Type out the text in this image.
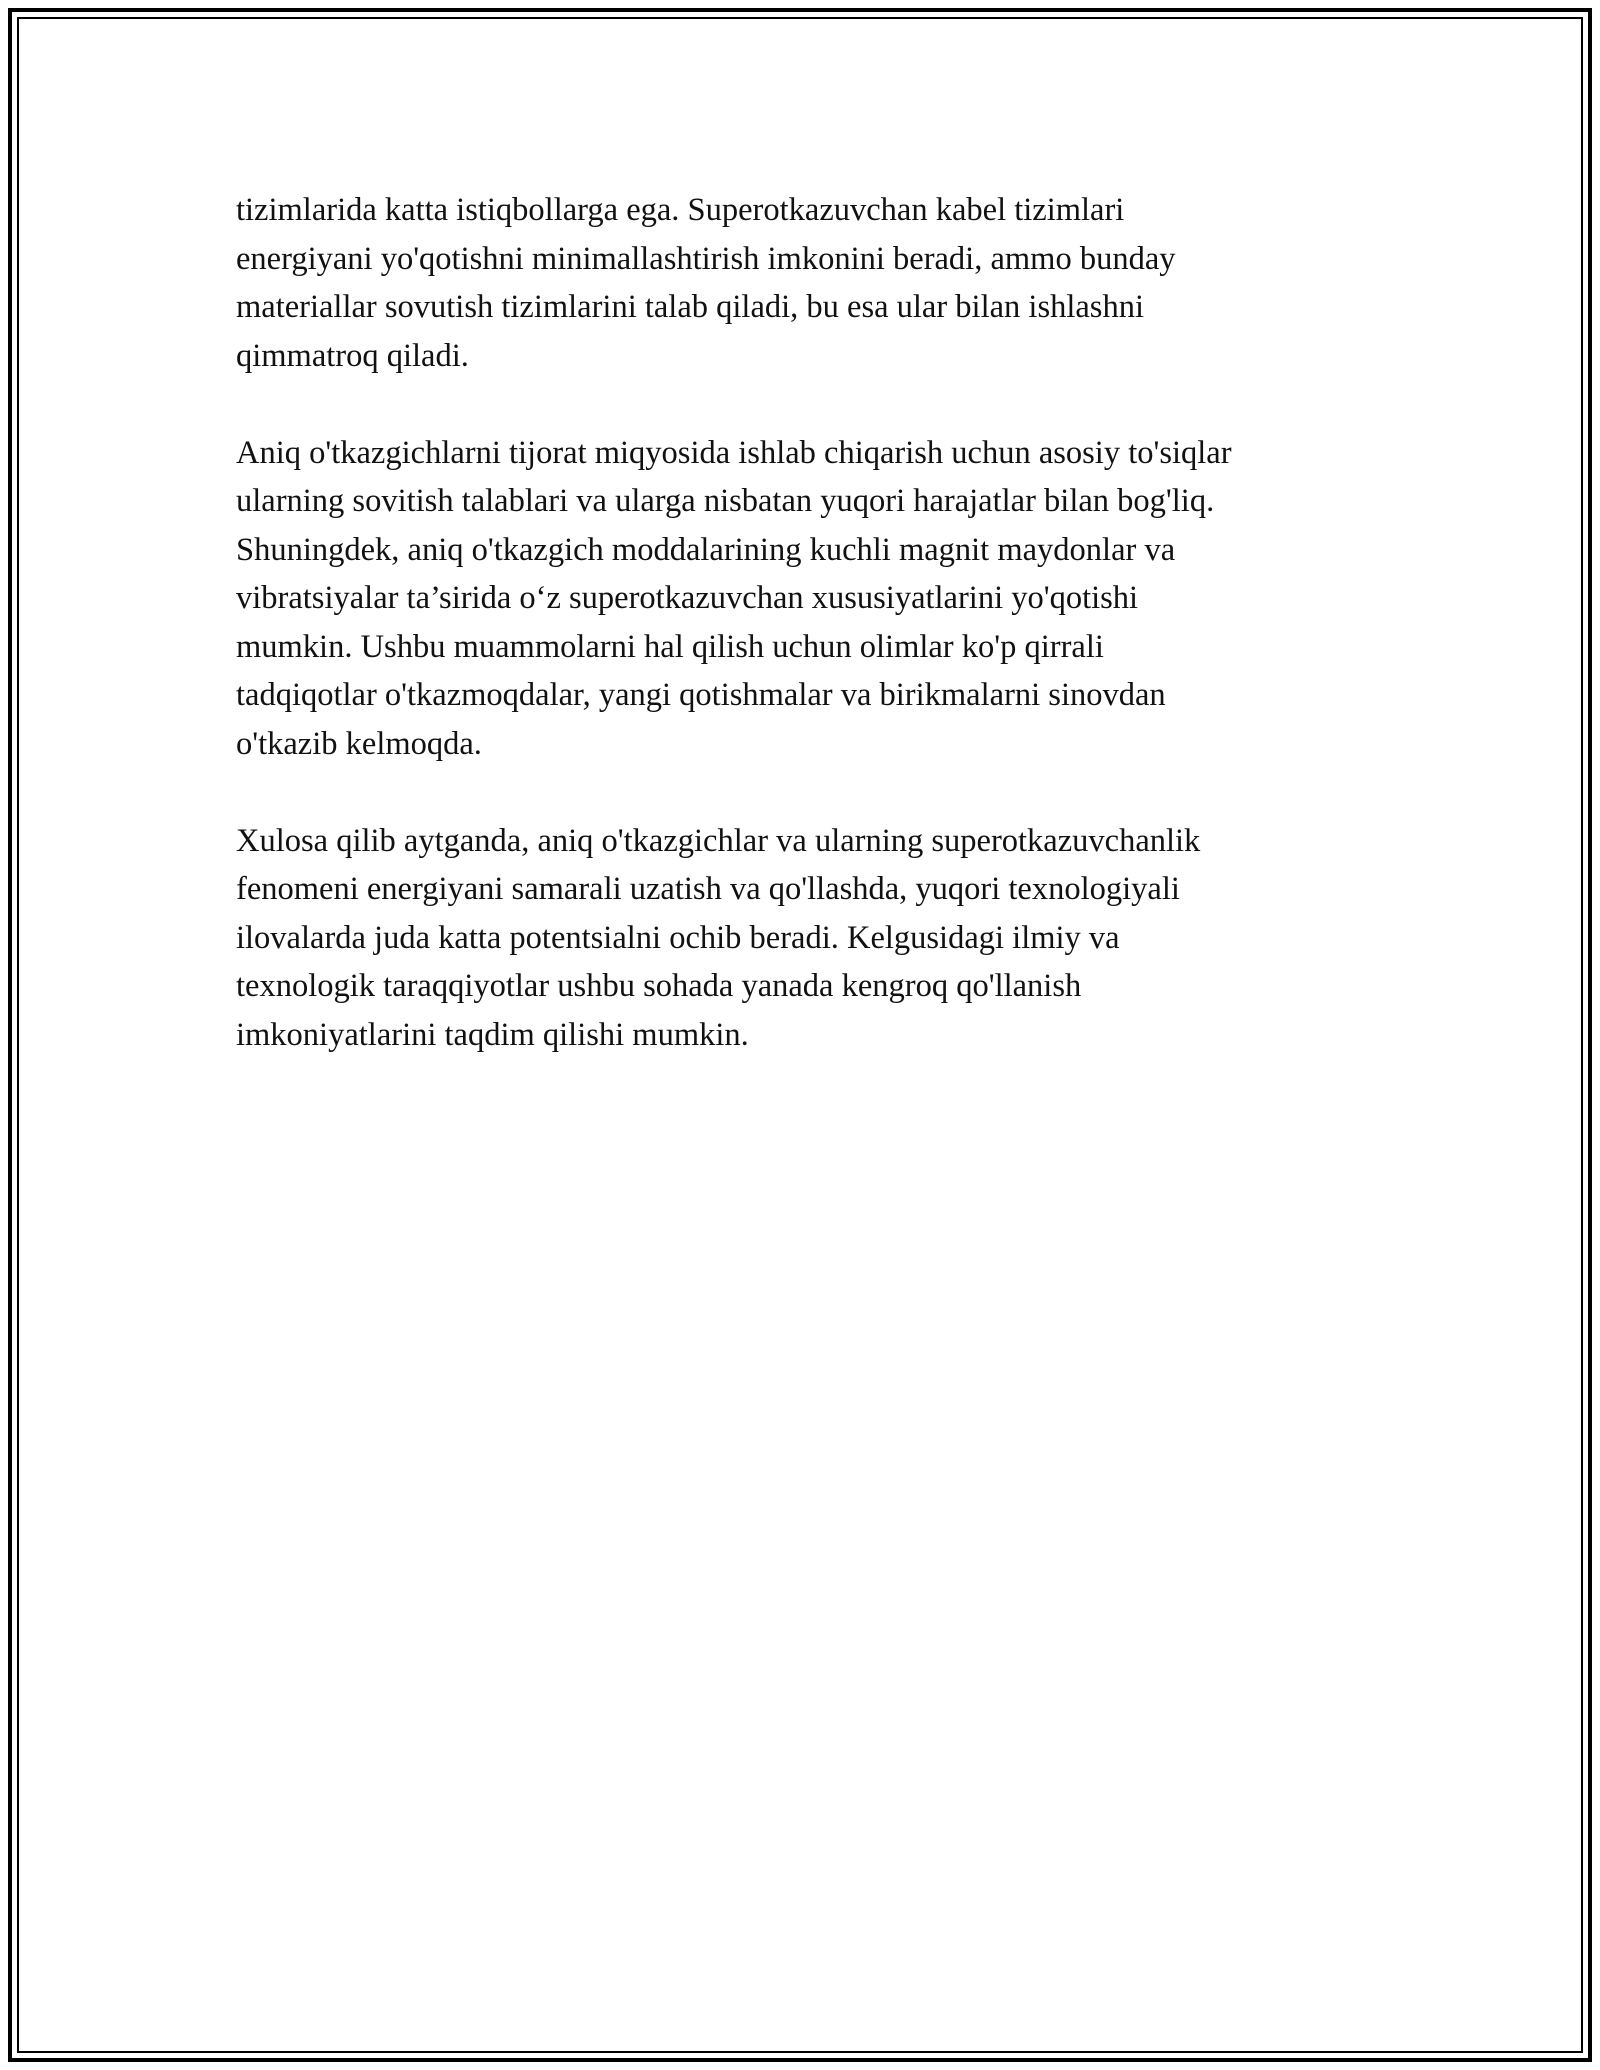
tizimlarida katta istiqbollarga ega. Superotkazuvchan kabel tizimlari
energiyani yo'qotishni minimallashtirish imkonini beradi, ammo bunday
materiallar sovutish tizimlarini talab qiladi, bu esa ular bilan ishlashni
qimmatroq qiladi.

Aniq o'tkazgichlarni tijorat miqyosida ishlab chiqarish uchun asosiy to'siqlar
ularning sovitish talablari va ularga nisbatan yuqori harajatlar bilan bog'liq.
Shuningdek, aniq o'tkazgich moddalarining kuchli magnit maydonlar va
vibratsiyalar ta’sirida o‘z superotkazuvchan xususiyatlarini yo'qotishi
mumkin. Ushbu muammolarni hal qilish uchun olimlar ko'p qirrali
tadqiqotlar o'tkazmoqdalar, yangi qotishmalar va birikmalarni sinovdan
o'tkazib kelmoqda.

Xulosa qilib aytganda, aniq o'tkazgichlar va ularning superotkazuvchanlik
fenomeni energiyani samarali uzatish va qo'llashda, yuqori texnologiyali
ilovalarda juda katta potentsialni ochib beradi. Kelgusidagi ilmiy va
texnologik taraqqiyotlar ushbu sohada yanada kengroq qo'llanish
imkoniyatlarini taqdim qilishi mumkin.
